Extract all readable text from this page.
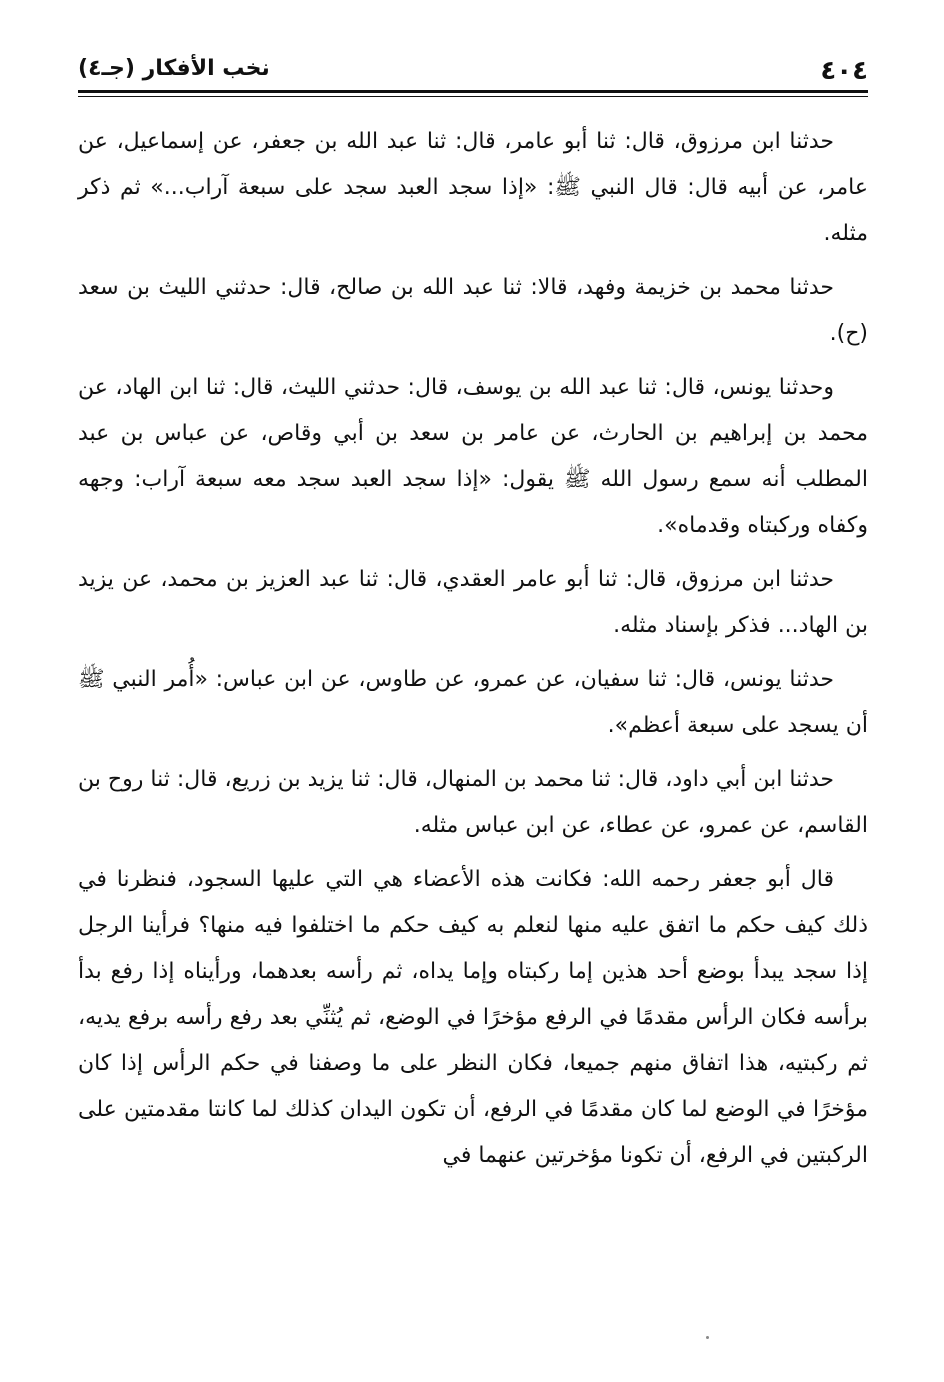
٤٠٤
نخب الأفكار (جـ٤)

حدثنا ابن مرزوق، قال: ثنا أبو عامر، قال: ثنا عبد الله بن جعفر، عن إسماعيل، عن عامر، عن أبيه قال: قال النبي ﷺ: «إذا سجد العبد سجد على سبعة آراب...» ثم ذكر مثله.

حدثنا محمد بن خزيمة وفهد، قالا: ثنا عبد الله بن صالح، قال: حدثني الليث بن سعد (ح).

وحدثنا يونس، قال: ثنا عبد الله بن يوسف، قال: حدثني الليث، قال: ثنا ابن الهاد، عن محمد بن إبراهيم بن الحارث، عن عامر بن سعد بن أبي وقاص، عن عباس بن عبد المطلب أنه سمع رسول الله ﷺ يقول: «إذا سجد العبد سجد معه سبعة آراب: وجهه وكفاه وركبتاه وقدماه».

حدثنا ابن مرزوق، قال: ثنا أبو عامر العقدي، قال: ثنا عبد العزيز بن محمد، عن يزيد بن الهاد... فذكر بإسناد مثله.

حدثنا يونس، قال: ثنا سفيان، عن عمرو، عن طاوس، عن ابن عباس: «أُمر النبي ﷺ أن يسجد على سبعة أعظم».

حدثنا ابن أبي داود، قال: ثنا محمد بن المنهال، قال: ثنا يزيد بن زريع، قال: ثنا روح بن القاسم، عن عمرو، عن عطاء، عن ابن عباس مثله.

قال أبو جعفر رحمه الله: فكانت هذه الأعضاء هي التي عليها السجود، فنظرنا في ذلك كيف حكم ما اتفق عليه منها لنعلم به كيف حكم ما اختلفوا فيه منها؟ فرأينا الرجل إذا سجد يبدأ بوضع أحد هذين إما ركبتاه وإما يداه، ثم رأسه بعدهما، ورأيناه إذا رفع بدأ برأسه فكان الرأس مقدمًا في الرفع مؤخرًا في الوضع، ثم يُثنِّي بعد رفع رأسه برفع يديه، ثم ركبتيه، هذا اتفاق منهم جميعا، فكان النظر على ما وصفنا في حكم الرأس إذا كان مؤخرًا في الوضع لما كان مقدمًا في الرفع، أن تكون اليدان كذلك لما كانتا مقدمتين على الركبتين في الرفع، أن تكونا مؤخرتين عنهما في
